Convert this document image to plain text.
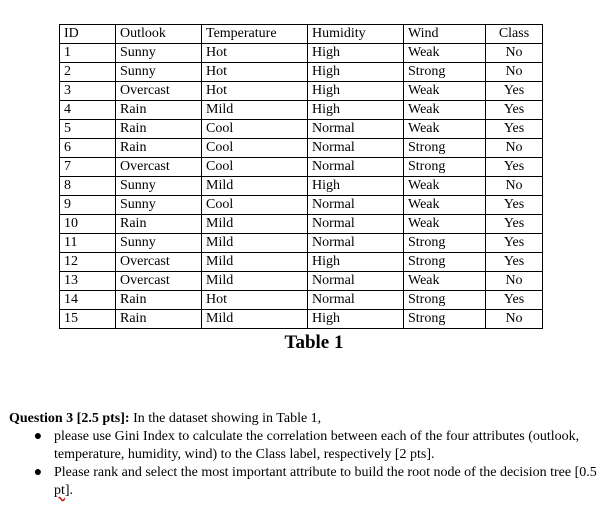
ID	Outlook	Temperature	Humidity	Wind	Class
1	Sunny	Hot	High	Weak	No
2	Sunny	Hot	High	Strong	No
3	Overcast	Hot	High	Weak	Yes
4	Rain	Mild	High	Weak	Yes
5	Rain	Cool	Normal	Weak	Yes
6	Rain	Cool	Normal	Strong	No
7	Overcast	Cool	Normal	Strong	Yes
8	Sunny	Mild	High	Weak	No
9	Sunny	Cool	Normal	Weak	Yes
10	Rain	Mild	Normal	Weak	Yes
11	Sunny	Mild	Normal	Strong	Yes
12	Overcast	Mild	High	Strong	Yes
13	Overcast	Mild	Normal	Weak	No
14	Rain	Hot	Normal	Strong	Yes
15	Rain	Mild	High	Strong	No
Table 1

Question 3 [2.5 pts]: In the dataset showing in Table 1,

● please use Gini Index to calculate the correlation between each of the four attributes (outlook, temperature, humidity, wind) to the Class label, respectively [2 pts].
● Please rank and select the most important attribute to build the root node of the decision tree [0.5 pt].
